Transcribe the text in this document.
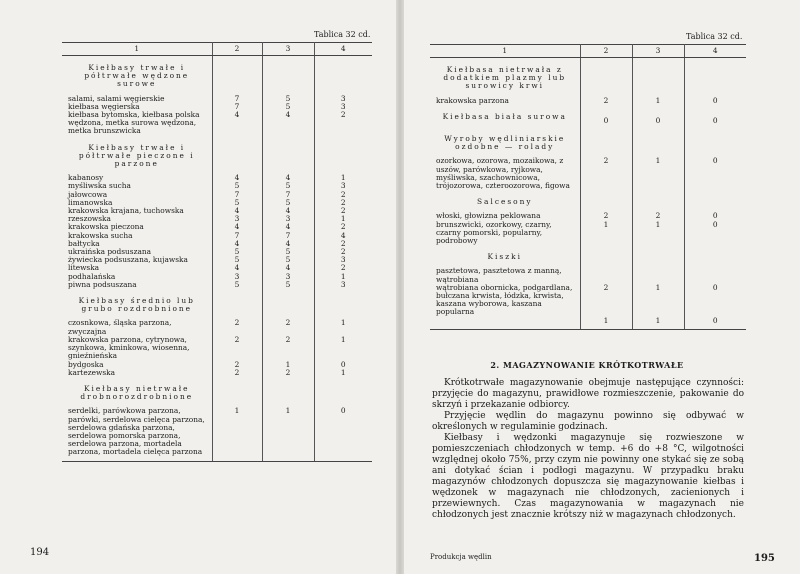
Tablica 32 cd.
1	2	3	4
Kiełbasy trwałe i półtrwałe wędzone surowe			
salami, salami węgierskie	7	5	3
kiełbasa węgierska	7	5	3
kiełbasa bytomska, kiełbasa polska wędzona, metka surowa wędzona, metka brunszwicka	4	4	2
Kiełbasy trwałe i półtrwałe pieczone i parzone			
kabanosy	4	4	1
myśliwska sucha	5	5	3
jałowcowa	7	7	2
limanowska	5	5	2
krakowska krajana, tuchowska	4	4	2
rzeszowska	3	3	1
krakowska pieczona	4	4	2
krakowska sucha	7	7	4
bałtycka	4	4	2
ukraińska podsuszana	5	5	2
żywiecka podsuszana, kujawska	5	5	3
litewska	4	4	2
podhalańska	3	3	1
piwna podsuszana	5	5	3
Kiełbasy średnio lub grubo rozdrobnione			
czosnkowa, śląska parzona, zwyczajna	2	2	1
krakowska parzona, cytrynowa, szynkowa, kminkowa, wiosenna, gnieźnieńska	2	2	1
bydgoska	2	1	0
kartezewska	2	2	1
Kiełbasy nietrwałe drobnorozdrobnione			
serdelki, parówkowa parzona, parówki, serdelowa cielęca parzona, serdelowa gdańska parzona, serdelowa pomorska parzona, serdelowa parzona, mortadela parzona, mortadela cielęca parzona	1	1	0

194
Tablica 32 cd.
1	2	3	4
Kiełbasa nietrwała z dodatkiem plazmy lub surowicy krwi			
krakowska parzona	2	1	0
Kiełbasa biała surowa	0	0	0
Wyroby wędliniarskie ozdobne — rolady			
ozorkowa, ozorowa, mozaikowa, z uszów, parówkowa, ryjkowa, myśliwska, szachownicowa, trójozorowa, czteroozorowa, figowa	2	1	0
Salcesony			
włoski, głowizna peklowana	2	2	0
brunszwicki, ozorkowy, czarny, czarny pomorski, popularny, podrobowy	1	1	0
Kiszki			
pasztetowa, pasztetowa z manną, wątrobiana			
wątrobiana obornicka, podgardlana, bułczana krwista, łódzka, krwista, kaszana wyborowa, kaszana popularna	2	1	0
	1	1	0

2. MAGAZYNOWANIE KRÓTKOTRWAŁE
Krótkotrwałe magazynowanie obejmuje następujące czynności: przyjęcie do magazynu, prawidłowe rozmieszczenie, pakowanie do skrzyń i przekazanie odbiorcy.
Przyjęcie wędlin do magazynu powinno się odbywać w określonych w regulaminie godzinach.
Kiełbasy i wędzonki magazynuje się rozwieszone w pomieszczeniach chłodzonych w temp. +6 do +8 °C, wilgotności względnej około 75%, przy czym nie powinny one stykać się ze sobą ani dotykać ścian i podłogi magazynu. W przypadku braku magazynów chłodzonych dopuszcza się magazynowanie kiełbas i wędzonek w magazynach nie chłodzonych, zacienionych i przewiewnych. Czas magazynowania w magazynach nie chłodzonych jest znacznie krótszy niż w magazynach chłodzonych.
Produkcja wędlin	195
